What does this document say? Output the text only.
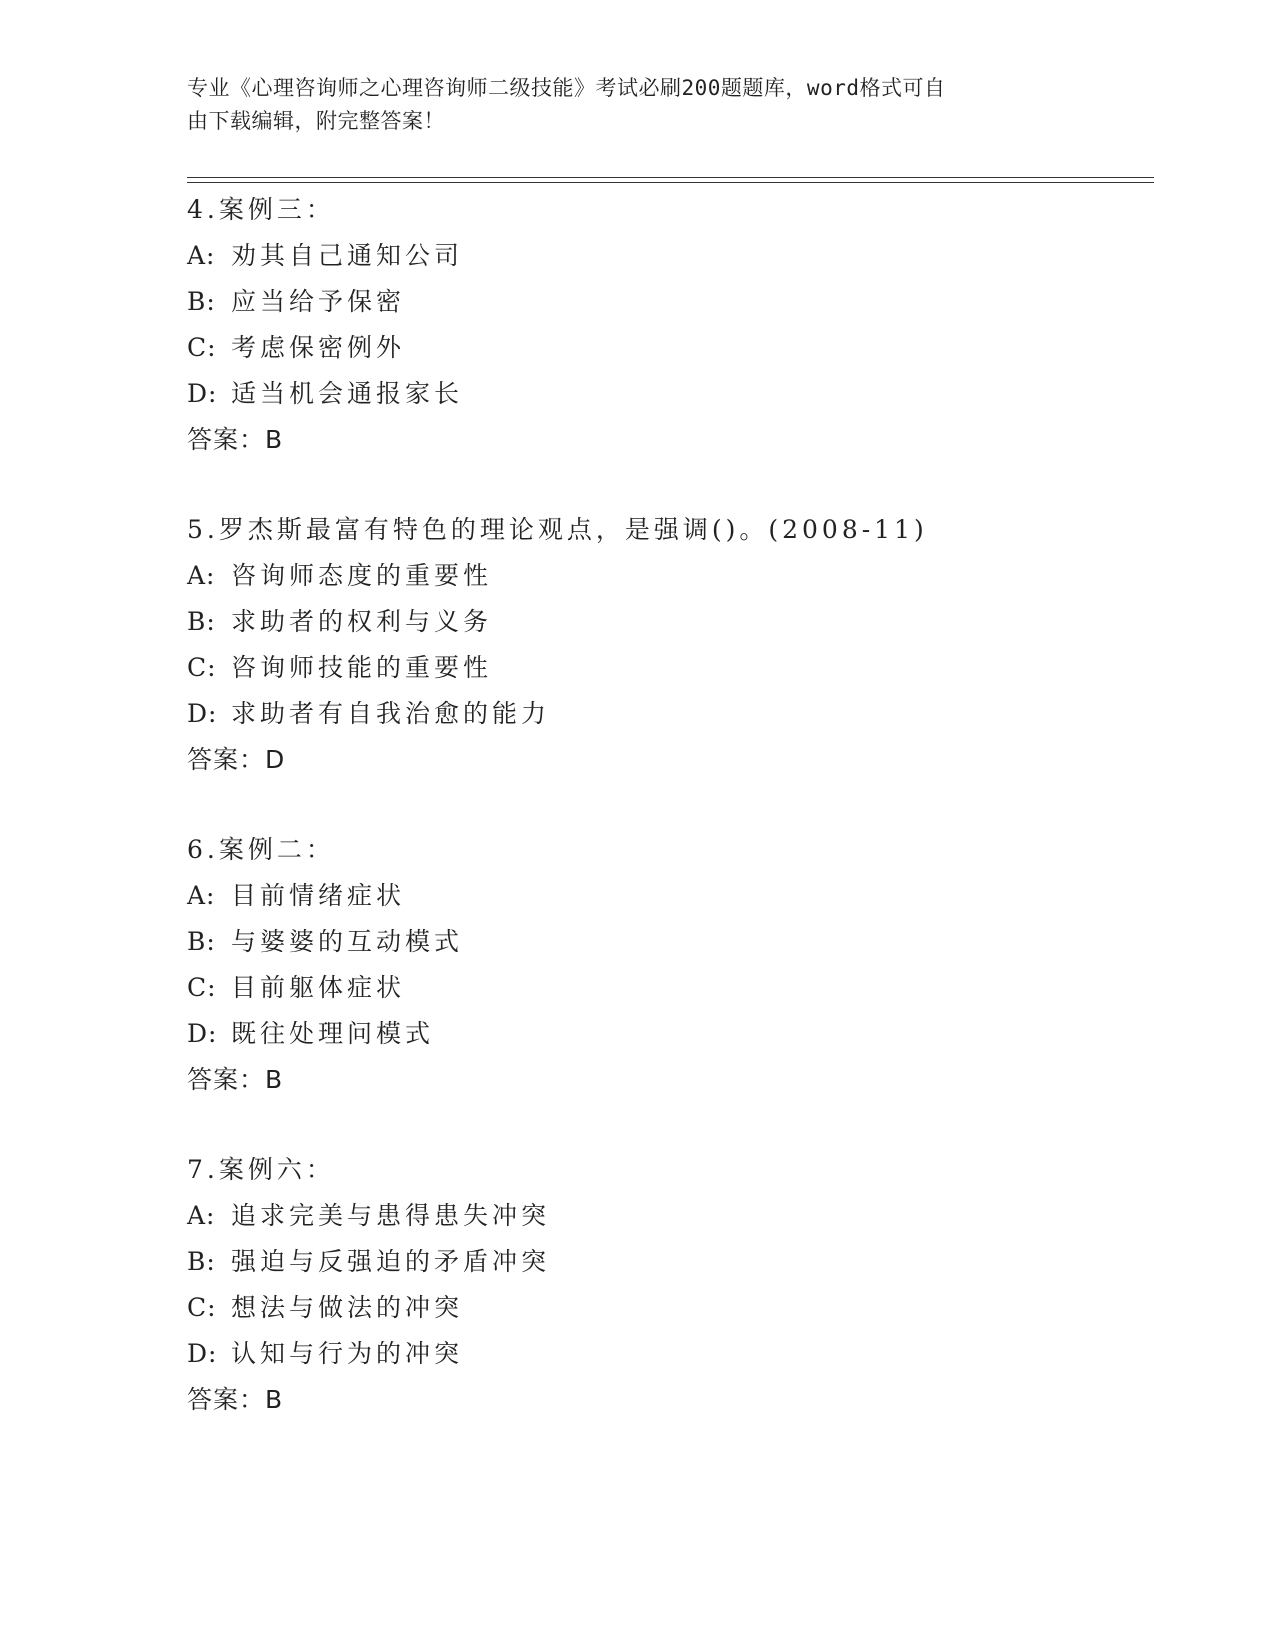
专业《心理咨询师之心理咨询师二级技能》考试必刷200题题库，word格式可自
由下载编辑，附完整答案！
4.案例三：
A: 劝其自己通知公司
B: 应当给予保密
C: 考虑保密例外
D: 适当机会通报家长
答案：B
5.罗杰斯最富有特色的理论观点，是强调()。(2008-11)
A: 咨询师态度的重要性
B: 求助者的权利与义务
C: 咨询师技能的重要性
D: 求助者有自我治愈的能力
答案：D
6.案例二：
A: 目前情绪症状
B: 与婆婆的互动模式
C: 目前躯体症状
D: 既往处理问模式
答案：B
7.案例六：
A: 追求完美与患得患失冲突
B: 强迫与反强迫的矛盾冲突
C: 想法与做法的冲突
D: 认知与行为的冲突
答案：B
